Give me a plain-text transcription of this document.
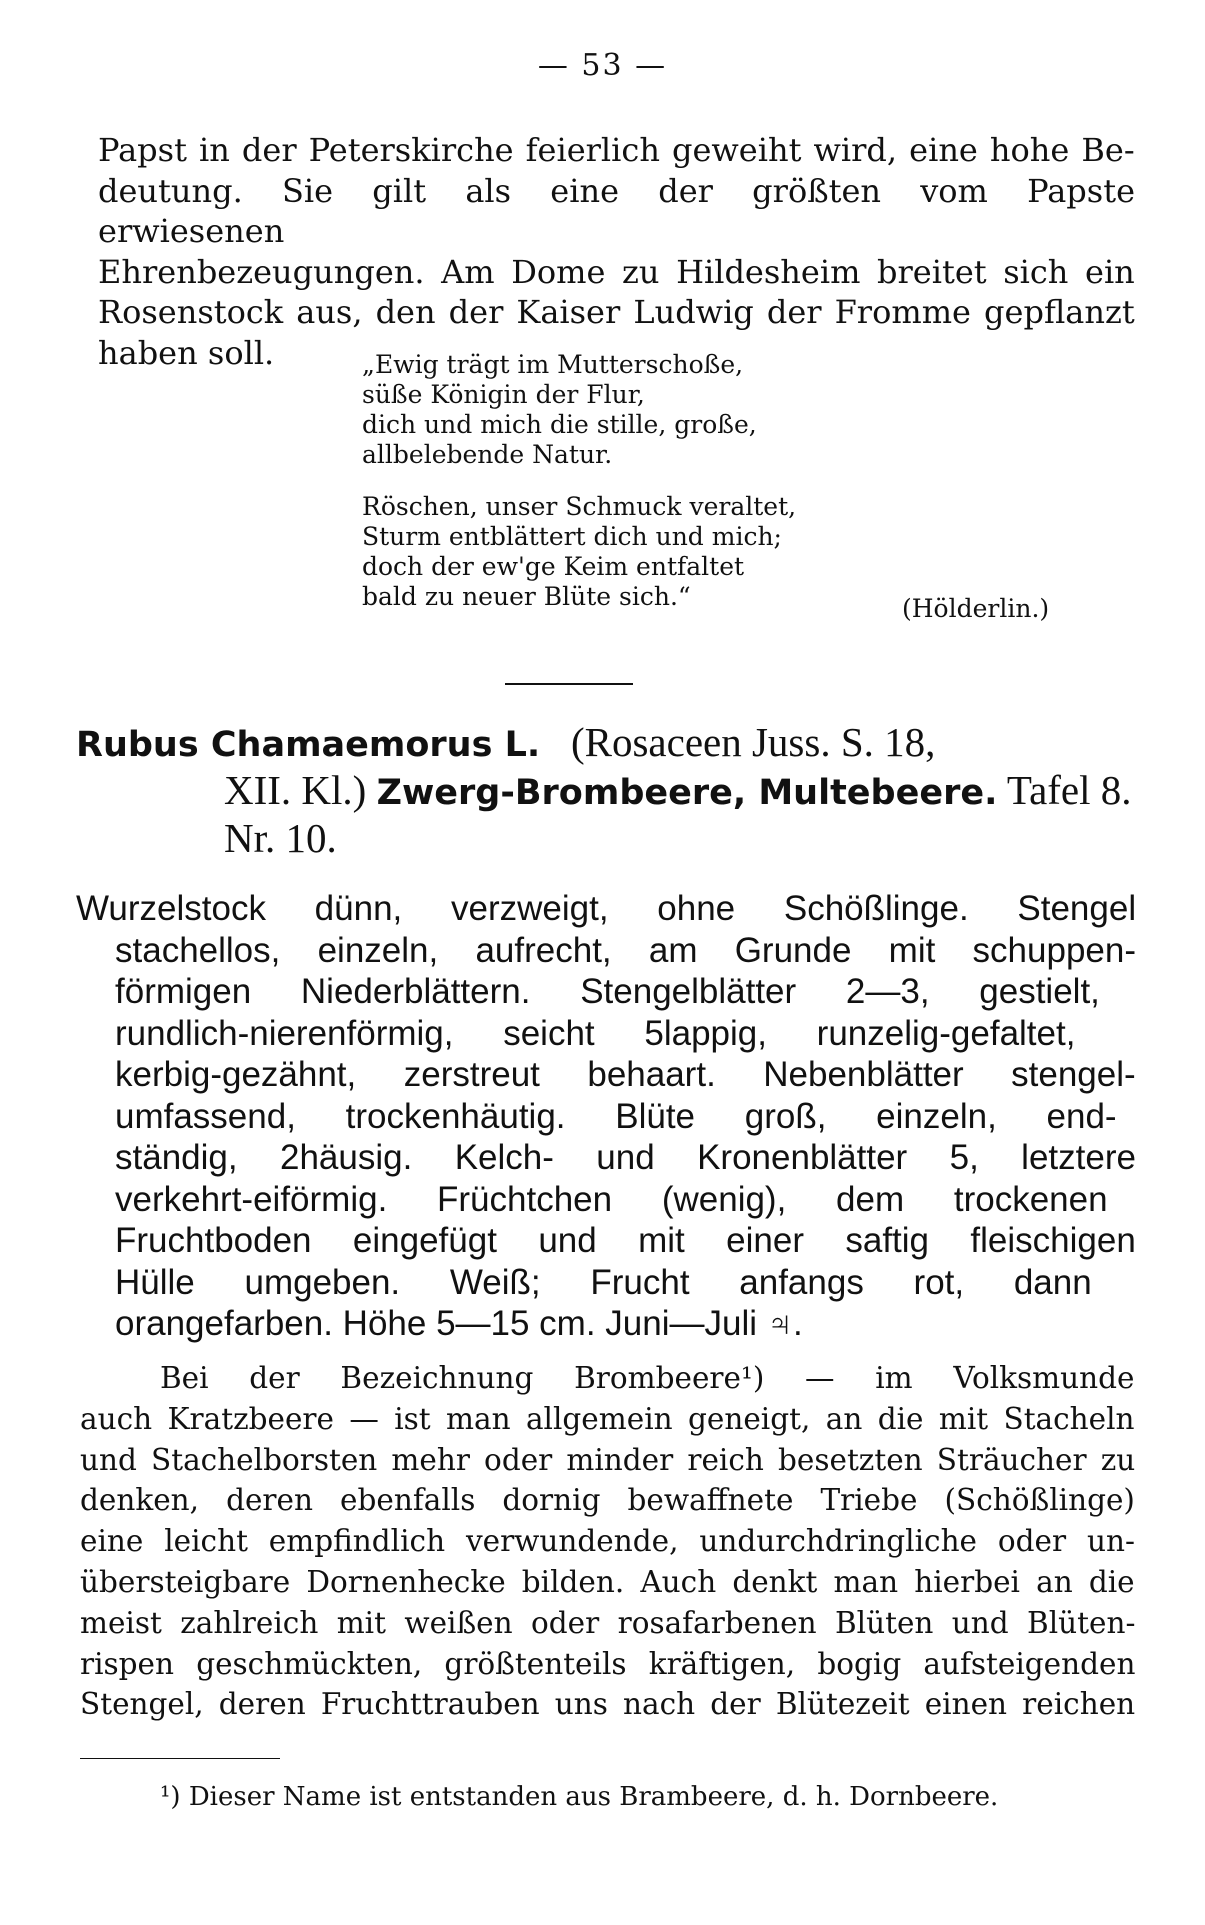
— 53 —
Papst in der Peterskirche feierlich geweiht wird, eine hohe Be-
deutung. Sie gilt als eine der größten vom Papste erwiesenen
Ehrenbezeugungen. Am Dome zu Hildesheim breitet sich ein
Rosenstock aus, den der Kaiser Ludwig der Fromme gepflanzt
haben soll.	„Ewig trägt im Mutterschoße,
süße Königin der Flur,
dich und mich die stille, große,
allbelebende Natur.
Röschen, unser Schmuck veraltet,
Sturm entblättert dich und mich;
doch der ew'ge Keim entfaltet
bald zu neuer Blüte sich.“	(Hölderlin.)
Rubus Chamaemorus L. (Rosaceen Juss. S. 18,
XII. Kl.) Zwerg-Brombeere, Multebeere. Tafel 8.
Nr. 10.
Wurzelstock dünn, verzweigt, ohne Schößlinge. Stengel
stachellos, einzeln, aufrecht, am Grunde mit schuppen-
förmigen Niederblättern. Stengelblätter 2—3, gestielt,
rundlich-nierenförmig, seicht 5lappig, runzelig-gefaltet,
kerbig-gezähnt, zerstreut behaart. Nebenblätter stengel-
umfassend, trockenhäutig. Blüte groß, einzeln, end-
ständig, 2häusig. Kelch- und Kronenblätter 5, letztere
verkehrt-eiförmig. Früchtchen (wenig), dem trockenen
Fruchtboden eingefügt und mit einer saftig fleischigen
Hülle umgeben. Weiß; Frucht anfangs rot, dann
orangefarben. Höhe 5—15 cm. Juni—Juli ♃.
Bei der Bezeichnung Brombeere¹) — im Volksmunde
auch Kratzbeere — ist man allgemein geneigt, an die mit Stacheln
und Stachelborsten mehr oder minder reich besetzten Sträucher zu
denken, deren ebenfalls dornig bewaffnete Triebe (Schößlinge)
eine leicht empfindlich verwundende, undurchdringliche oder un-
übersteigbare Dornenhecke bilden. Auch denkt man hierbei an die
meist zahlreich mit weißen oder rosafarbenen Blüten und Blüten-
rispen geschmückten, größtenteils kräftigen, bogig aufsteigenden
Stengel, deren Fruchttrauben uns nach der Blütezeit einen reichen
¹) Dieser Name ist entstanden aus Brambeere, d. h. Dornbeere.
